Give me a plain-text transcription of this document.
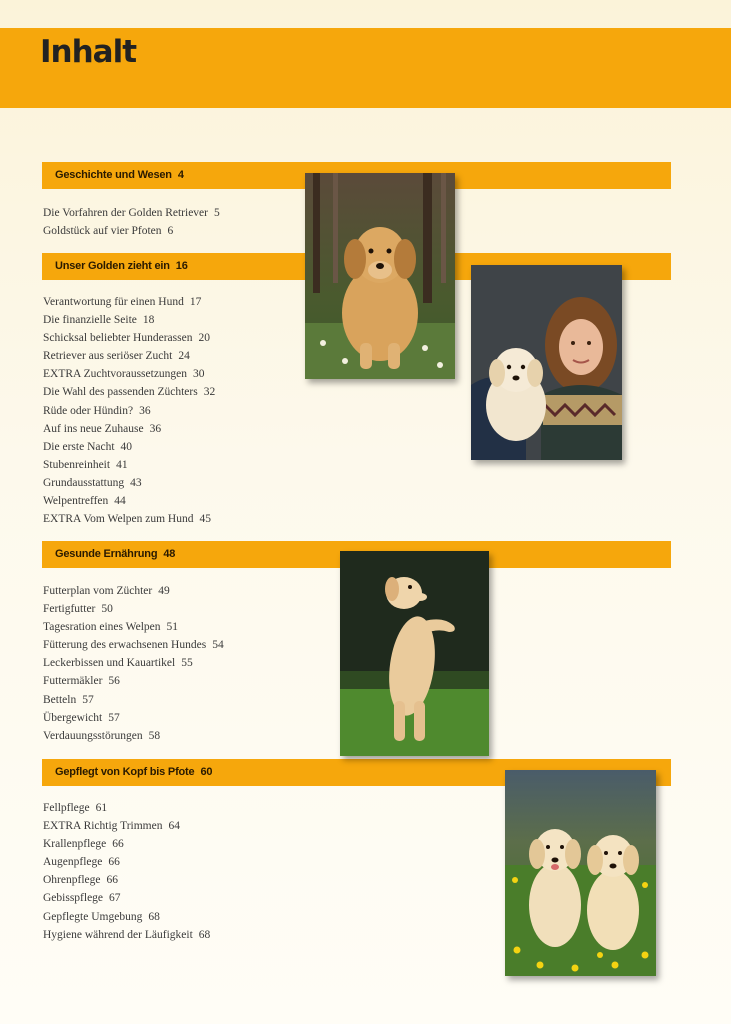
Inhalt
Geschichte und Wesen 4
Die Vorfahren der Golden Retriever 5
Goldstück auf vier Pfoten 6
Unser Golden zieht ein 16
Verantwortung für einen Hund 17
Die finanzielle Seite 18
Schicksal beliebter Hunderassen 20
Retriever aus seriöser Zucht 24
EXTRA Zuchtvoraussetzungen 30
Die Wahl des passenden Züchters 32
Rüde oder Hündin? 36
Auf ins neue Zuhause 36
Die erste Nacht 40
Stubenreinheit 41
Grundausstattung 43
Welpentreffen 44
EXTRA Vom Welpen zum Hund 45
Gesunde Ernährung 48
Futterplan vom Züchter 49
Fertigfutter 50
Tagesration eines Welpen 51
Fütterung des erwachsenen Hundes 54
Leckerbissen und Kauartikel 55
Futtermäkler 56
Betteln 57
Übergewicht 57
Verdauungsstörungen 58
Gepflegt von Kopf bis Pfote 60
Fellpflege 61
EXTRA Richtig Trimmen 64
Krallenpflege 66
Augenpflege 66
Ohrenpflege 66
Gebisspflege 67
Gepflegte Umgebung 68
Hygiene während der Läufigkeit 68
